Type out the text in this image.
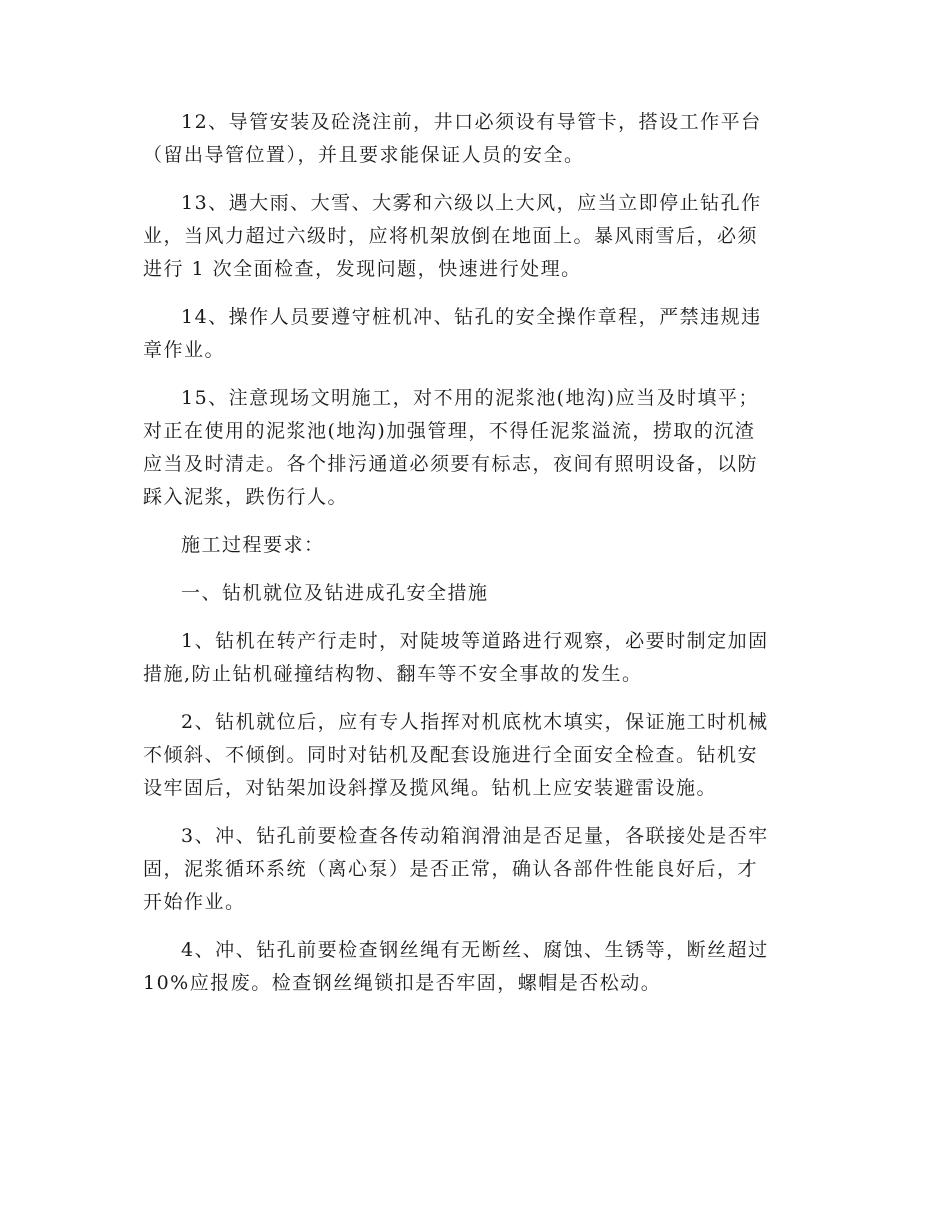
12、导管安装及砼浇注前，井口必须设有导管卡，搭设工作平台
（留出导管位置），并且要求能保证人员的安全。

13、遇大雨、大雪、大雾和六级以上大风，应当立即停止钻孔作
业，当风力超过六级时，应将机架放倒在地面上。暴风雨雪后，必须
进行 1 次全面检查，发现问题，快速进行处理。

14、操作人员要遵守桩机冲、钻孔的安全操作章程，严禁违规违
章作业。

15、注意现场文明施工，对不用的泥浆池(地沟)应当及时填平；
对正在使用的泥浆池(地沟)加强管理，不得任泥浆溢流，捞取的沉渣
应当及时清走。各个排污通道必须要有标志，夜间有照明设备，以防
踩入泥浆，跌伤行人。

施工过程要求：

一、钻机就位及钻进成孔安全措施

1、钻机在转产行走时，对陡坡等道路进行观察，必要时制定加固
措施,防止钻机碰撞结构物、翻车等不安全事故的发生。

2、钻机就位后，应有专人指挥对机底枕木填实，保证施工时机械
不倾斜、不倾倒。同时对钻机及配套设施进行全面安全检查。钻机安
设牢固后，对钻架加设斜撑及揽风绳。钻机上应安装避雷设施。

3、冲、钻孔前要检查各传动箱润滑油是否足量，各联接处是否牢
固，泥浆循环系统（离心泵）是否正常，确认各部件性能良好后，才
开始作业。

4、冲、钻孔前要检查钢丝绳有无断丝、腐蚀、生锈等，断丝超过
10%应报废。检查钢丝绳锁扣是否牢固，螺帽是否松动。
